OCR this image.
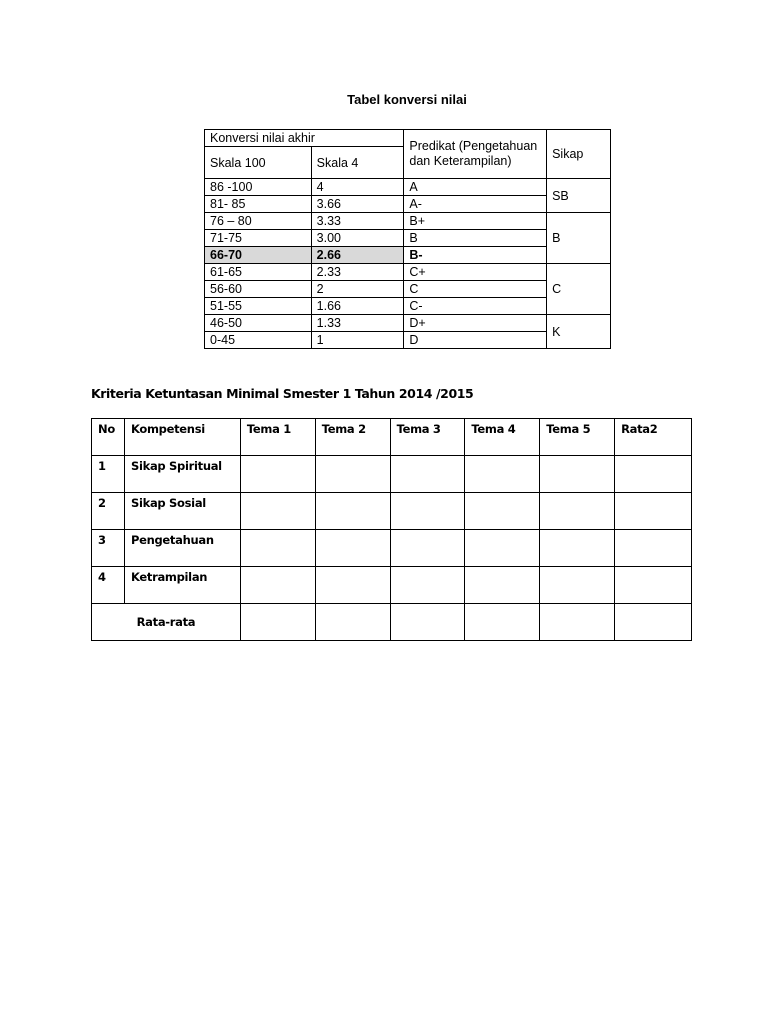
Tabel konversi nilai
Konversi nilai akhir		Predikat (Pengetahuan dan Keterampilan)	Sikap
Skala 100	Skala 4		
86 -100	4	A	SB
81- 85	3.66	A-	
76 – 80	3.33	B+	B
71-75	3.00	B	
66-70	2.66	B-	
61-65	2.33	C+	C
56-60	2	C	
51-55	1.66	C-	
46-50	1.33	D+	K
0-45	1	D	
Kriteria Ketuntasan Minimal Smester 1 Tahun 2014 /2015
No	Kompetensi	Tema 1	Tema 2	Tema 3	Tema 4	Tema 5	Rata2
1	Sikap Spiritual						
2	Sikap Sosial						
3	Pengetahuan						
4	Ketrampilan						
Rata-rata							
